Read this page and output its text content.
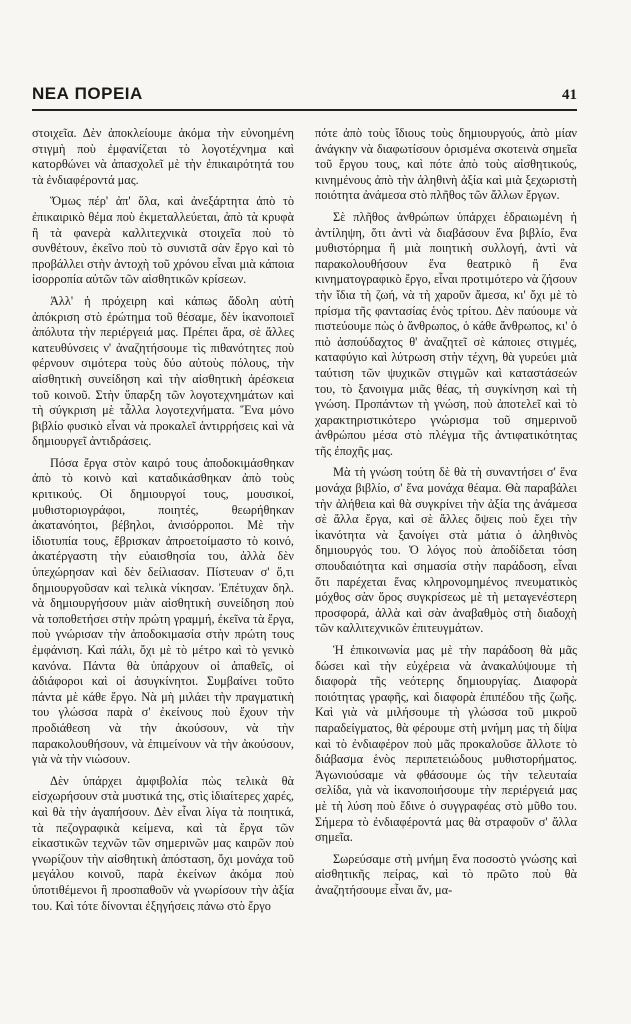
ΝΕΑ ΠΟΡΕΙΑ	41

στοιχεῖα. Δὲν ἀποκλείουμε ἀκόμα τὴν εὐνοημένη στιγμὴ ποὺ ἐμφανίζεται τὸ λογοτέχνημα καὶ κατορθώνει νὰ ἀπασχολεῖ μὲ τὴν ἐπικαιρότητά του τὰ ἐνδιαφέροντά μας.

Ὅμως πέρ' ἀπ' ὅλα, καὶ ἀνεξάρτητα ἀπὸ τὸ ἐπικαιρικὸ θέμα ποὺ ἐκμεταλλεύεται, ἀπὸ τὰ κρυφὰ ἢ τὰ φανερὰ καλλιτεχνικὰ στοιχεῖα ποὺ τὸ συνθέτουν, ἐκεῖνο ποὺ τὸ συνιστᾶ σὰν ἔργο καὶ τὸ προβάλλει στὴν ἀντοχὴ τοῦ χρόνου εἶναι μιὰ κάποια ἰσορροπία αὐτῶν τῶν αἰσθητικῶν κρίσεων.

Ἀλλ' ἡ πρόχειρη καὶ κάπως ἄδολη αὐτὴ ἀπόκριση στὸ ἐρώτημα τοῦ θέσαμε, δὲν ἱκανοποιεῖ ἀπόλυτα τὴν περιέργειά μας. Πρέπει ἄρα, σὲ ἄλλες κατευθύνσεις ν' ἀναζητήσουμε τὶς πιθανότητες ποὺ φέρνουν σιμότερα τοὺς δύο αὐτοὺς πόλους, τὴν αἰσθητικὴ συνείδηση καὶ τὴν αἰσθητικὴ ἀρέσκεια τοῦ κοινοῦ. Στὴν ὕπαρξη τῶν λογοτεχνημάτων καὶ τὴ σύγκριση μὲ τἆλλα λογοτεχνήματα. Ἕνα μόνο βιβλίο φυσικὸ εἶναι νὰ προκαλεῖ ἀντιρρήσεις καὶ νὰ δημιουργεῖ ἀντιδράσεις.

Πόσα ἔργα στὸν καιρό τους ἀποδοκιμάσθηκαν ἀπὸ τὸ κοινὸ καὶ καταδικάσθηκαν ἀπὸ τοὺς κριτικούς. Οἱ δημιουργοί τους, μουσικοί, μυθιστοριογράφοι, ποιητές, θεωρήθηκαν ἀκατανόητοι, βέβηλοι, ἀνισόρροποι. Μὲ τὴν ἰδιοτυπία τους, ἔβρισκαν ἀπροετοίμαστο τὸ κοινό, ἀκατέργαστη τὴν εὐαισθησία του, ἀλλὰ δὲν ὑπεχώρησαν καὶ δὲν δείλιασαν. Πίστευαν σ' ὅ,τι δημιουργοῦσαν καὶ τελικὰ νίκησαν. Ἐπέτυχαν δηλ. νὰ δημιουργήσουν μιὰν αἰσθητικὴ συνείδηση ποὺ νὰ τοποθετήσει στὴν πρώτη γραμμή, ἐκεῖνα τὰ ἔργα, ποὺ γνώρισαν τὴν ἀποδοκιμασία στὴν πρώτη τους ἐμφάνιση. Καὶ πάλι, ὄχι μὲ τὸ μέτρο καὶ τὸ γενικὸ κανόνα. Πάντα θὰ ὑπάρχουν οἱ ἀπαθεῖς, οἱ ἀδιάφοροι καὶ οἱ ἀσυγκίνητοι. Συμβαίνει τοῦτο πάντα μὲ κάθε ἔργο. Νὰ μὴ μιλάει τὴν πραγματικὴ του γλώσσα παρὰ σ' ἐκείνους ποὺ ἔχουν τὴν προδιάθεση νὰ τὴν ἀκούσουν, νὰ τὴν παρακολουθήσουν, νὰ ἐπιμείνουν νὰ τὴν ἀκούσουν, γιὰ νὰ τὴν νιώσουν.

Δὲν ὑπάρχει ἀμφιβολία πὼς τελικὰ θὰ εἰσχωρήσουν στὰ μυστικά της, στὶς ἰδιαίτερες χαρές, καὶ θὰ τὴν ἀγαπήσουν. Δὲν εἶναι λίγα τὰ ποιητικά, τὰ πεζογραφικὰ κείμενα, καὶ τὰ ἔργα τῶν εἰκαστικῶν τεχνῶν τῶν σημερινῶν μας καιρῶν ποὺ γνωρίζουν τὴν αἰσθητικὴ ἀπόσταση, ὄχι μονάχα τοῦ μεγάλου κοινοῦ, παρὰ ἐκείνων ἀκόμα ποὺ ὑποτιθέμενοι ἢ προσπαθοῦν νὰ γνωρίσουν τὴν ἀξία του. Καὶ τότε δίνονται ἐξηγήσεις πάνω στὸ ἔργο

πότε ἀπὸ τοὺς ἴδιους τοὺς δημιουργούς, ἀπὸ μίαν ἀνάγκην νὰ διαφωτίσουν ὁρισμένα σκοτεινὰ σημεῖα τοῦ ἔργου τους, καὶ πότε ἀπὸ τοὺς αἰσθητικούς, κινημένους ἀπὸ τὴν ἀληθινὴ ἀξία καὶ μιὰ ξεχωριστὴ ποιότητα ἀνάμεσα στὸ πλῆθος τῶν ἄλλων ἔργων.

Σὲ πλῆθος ἀνθρώπων ὑπάρχει ἑδραιωμένη ἡ ἀντίληψη, ὅτι ἀντὶ νὰ διαβάσουν ἕνα βιβλίο, ἕνα μυθιστόρημα ἢ μιὰ ποιητικὴ συλλογή, ἀντὶ νὰ παρακολουθήσουν ἕνα θεατρικὸ ἢ ἕνα κινηματογραφικὸ ἔργο, εἶναι προτιμότερο νὰ ζήσουν τὴν ἴδια τὴ ζωή, νὰ τὴ χαροῦν ἄμεσα, κι' ὄχι μὲ τὸ πρίσμα τῆς φαντασίας ἑνὸς τρίτου. Δὲν παύουμε νὰ πιστεύουμε πὼς ὁ ἄνθρωπος, ὁ κάθε ἄνθρωπος, κι' ὁ πιὸ ἀσπούδαχτος θ' ἀναζητεῖ σὲ κάποιες στιγμές, καταφύγιο καὶ λύτρωση στὴν τέχνη, θὰ γυρεύει μιὰ ταύτιση τῶν ψυχικῶν στιγμῶν καὶ καταστάσεών του, τὸ ξανοιγμα μιᾶς θέας, τὴ συγκίνηση καὶ τὴ γνώση. Προπάντων τὴ γνώση, ποὺ ἀποτελεῖ καὶ τὸ χαρακτηριστικότερο γνώρισμα τοῦ σημερινοῦ ἀνθρώπου μέσα στὸ πλέγμα τῆς ἀντιφατικότητας τῆς ἐποχῆς μας.

Μὰ τὴ γνώση τούτη δὲ θὰ τὴ συναντήσει σ' ἕνα μονάχα βιβλίο, σ' ἕνα μονάχα θέαμα. Θὰ παραβάλει τὴν ἀλήθεια καὶ θὰ συγκρίνει τὴν ἀξία της ἀνάμεσα σὲ ἄλλα ἔργα, καὶ σὲ ἄλλες ὄψεις ποὺ ἔχει τὴν ἱκανότητα νὰ ξανοίγει στὰ μάτια ὁ ἀληθινὸς δημιουργός του. Ὁ λόγος ποὺ ἀποδίδεται τόση σπουδαιότητα καὶ σημασία στὴν παράδοση, εἶναι ὅτι παρέχεται ἕνας κληρονομημένος πνευματικὸς μόχθος σὰν ὅρος συγκρίσεως μὲ τὴ μεταγενέστερη προσφορά, ἀλλὰ καὶ σὰν ἀναβαθμὸς στὴ διαδοχὴ τῶν καλλιτεχνικῶν ἐπιτευγμάτων.

Ἡ ἐπικοινωνία μας μὲ τὴν παράδοση θὰ μᾶς δώσει καὶ τὴν εὐχέρεια νὰ ἀνακαλύψουμε τὴ διαφορὰ τῆς νεότερης δημιουργίας. Διαφορὰ ποιότητας γραφῆς, καὶ διαφορὰ ἐπιπέδου τῆς ζωῆς. Καὶ γιὰ νὰ μιλήσουμε τὴ γλώσσα τοῦ μικροῦ παραδείγματος, θὰ φέρουμε στὴ μνήμη μας τὴ δίψα καὶ τὸ ἐνδιαφέρον ποὺ μᾶς προκαλοῦσε ἄλλοτε τὸ διάβασμα ἑνὸς περιπετειώδους μυθιστορήματος. Ἀγωνιούσαμε νὰ φθάσουμε ὡς τὴν τελευταία σελίδα, γιὰ νὰ ἱκανοποιήσουμε τὴν περιέργειά μας μὲ τὴ λύση ποὺ ἔδινε ὁ συγγραφέας στὸ μῦθο του. Σήμερα τὸ ἐνδιαφέροντά μας θὰ στραφοῦν σ' ἄλλα σημεῖα.

Σωρεύσαμε στὴ μνήμη ἕνα ποσοστὸ γνώσης καὶ αἰσθητικῆς πείρας, καὶ τὸ πρῶτο ποὺ θὰ ἀναζητήσουμε εἶναι ἄν, μα-
